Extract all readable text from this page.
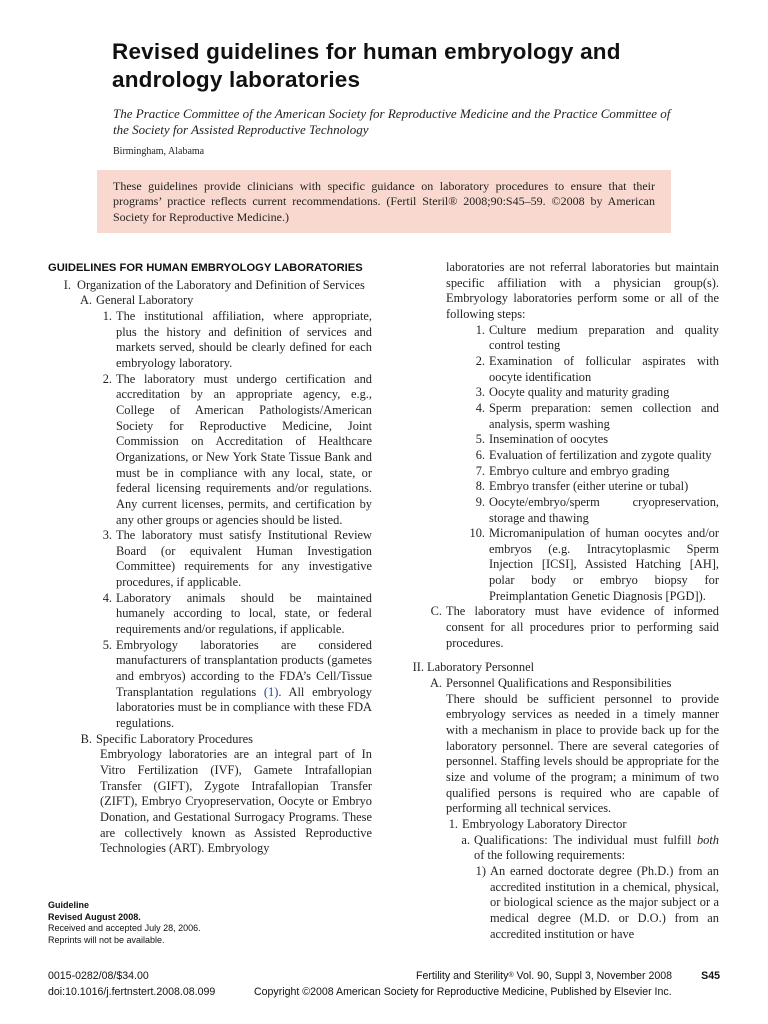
Revised guidelines for human embryology and andrology laboratories
The Practice Committee of the American Society for Reproductive Medicine and the Practice Committee of the Society for Assisted Reproductive Technology
Birmingham, Alabama
These guidelines provide clinicians with specific guidance on laboratory procedures to ensure that their programs’ practice reflects current recommendations. (Fertil Steril® 2008;90:S45–59. ©2008 by American Society for Reproductive Medicine.)
GUIDELINES FOR HUMAN EMBRYOLOGY LABORATORIES
I. Organization of the Laboratory and Definition of Services
A. General Laboratory
1. The institutional affiliation, where appropriate, plus the history and definition of services and markets served, should be clearly defined for each embryology laboratory.
2. The laboratory must undergo certification and accreditation by an appropriate agency, e.g., College of American Pathologists/American Society for Reproductive Medicine, Joint Commission on Accreditation of Healthcare Organizations, or New York State Tissue Bank and must be in compliance with any local, state, or federal licensing requirements and/or regulations. Any current licenses, permits, and certification by any other groups or agencies should be listed.
3. The laboratory must satisfy Institutional Review Board (or equivalent Human Investigation Committee) requirements for any investigative procedures, if applicable.
4. Laboratory animals should be maintained humanely according to local, state, or federal requirements and/or regulations, if applicable.
5. Embryology laboratories are considered manufacturers of transplantation products (gametes and embryos) according to the FDA’s Cell/Tissue Transplantation regulations (1). All embryology laboratories must be in compliance with these FDA regulations.
B. Specific Laboratory Procedures
Embryology laboratories are an integral part of In Vitro Fertilization (IVF), Gamete Intrafallopian Transfer (GIFT), Zygote Intrafallopian Transfer (ZIFT), Embryo Cryopreservation, Oocyte or Embryo Donation, and Gestational Surrogacy Programs. These are collectively known as Assisted Reproductive Technologies (ART). Embryology
laboratories are not referral laboratories but maintain specific affiliation with a physician group(s). Embryology laboratories perform some or all of the following steps:
1. Culture medium preparation and quality control testing
2. Examination of follicular aspirates with oocyte identification
3. Oocyte quality and maturity grading
4. Sperm preparation: semen collection and analysis, sperm washing
5. Insemination of oocytes
6. Evaluation of fertilization and zygote quality
7. Embryo culture and embryo grading
8. Embryo transfer (either uterine or tubal)
9. Oocyte/embryo/sperm cryopreservation, storage and thawing
10. Micromanipulation of human oocytes and/or embryos (e.g. Intracytoplasmic Sperm Injection [ICSI], Assisted Hatching [AH], polar body or embryo biopsy for Preimplantation Genetic Diagnosis [PGD]).
C. The laboratory must have evidence of informed consent for all procedures prior to performing said procedures.
II. Laboratory Personnel
A. Personnel Qualifications and Responsibilities
There should be sufficient personnel to provide embryology services as needed in a timely manner with a mechanism in place to provide back up for the laboratory personnel. There are several categories of personnel. Staffing levels should be appropriate for the size and volume of the program; a minimum of two qualified persons is required who are capable of performing all technical services.
1. Embryology Laboratory Director
a. Qualifications: The individual must fulfill both of the following requirements:
1) An earned doctorate degree (Ph.D.) from an accredited institution in a chemical, physical, or biological science as the major subject or a medical degree (M.D. or D.O.) from an accredited institution or have
Guideline
Revised August 2008.
Received and accepted July 28, 2006.
Reprints will not be available.
0015-0282/08/$34.00	Fertility and Sterility® Vol. 90, Suppl 3, November 2008	S45
doi:10.1016/j.fertnstert.2008.08.099	Copyright ©2008 American Society for Reproductive Medicine, Published by Elsevier Inc.
